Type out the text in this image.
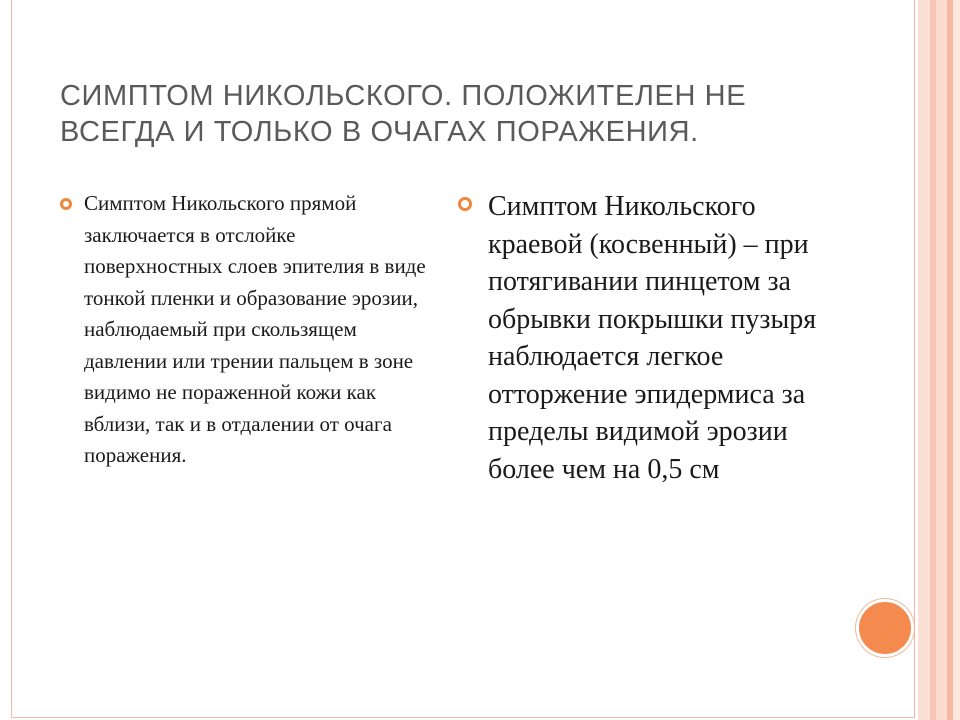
СИМПТОМ НИКОЛЬСКОГО. ПОЛОЖИТЕЛЕН НЕ ВСЕГДА И ТОЛЬКО В ОЧАГАХ ПОРАЖЕНИЯ.
Симптом Никольского прямой заключается в отслойке поверхностных слоев эпителия в виде тонкой пленки и образование эрозии, наблюдаемый при скользящем давлении или трении пальцем в зоне видимо не пораженной кожи как вблизи, так и в отдалении от очага поражения.
Симптом Никольского краевой (косвенный) – при потягивании пинцетом за обрывки покрышки пузыря наблюдается легкое отторжение эпидермиса за пределы видимой эрозии более чем на 0,5 см
